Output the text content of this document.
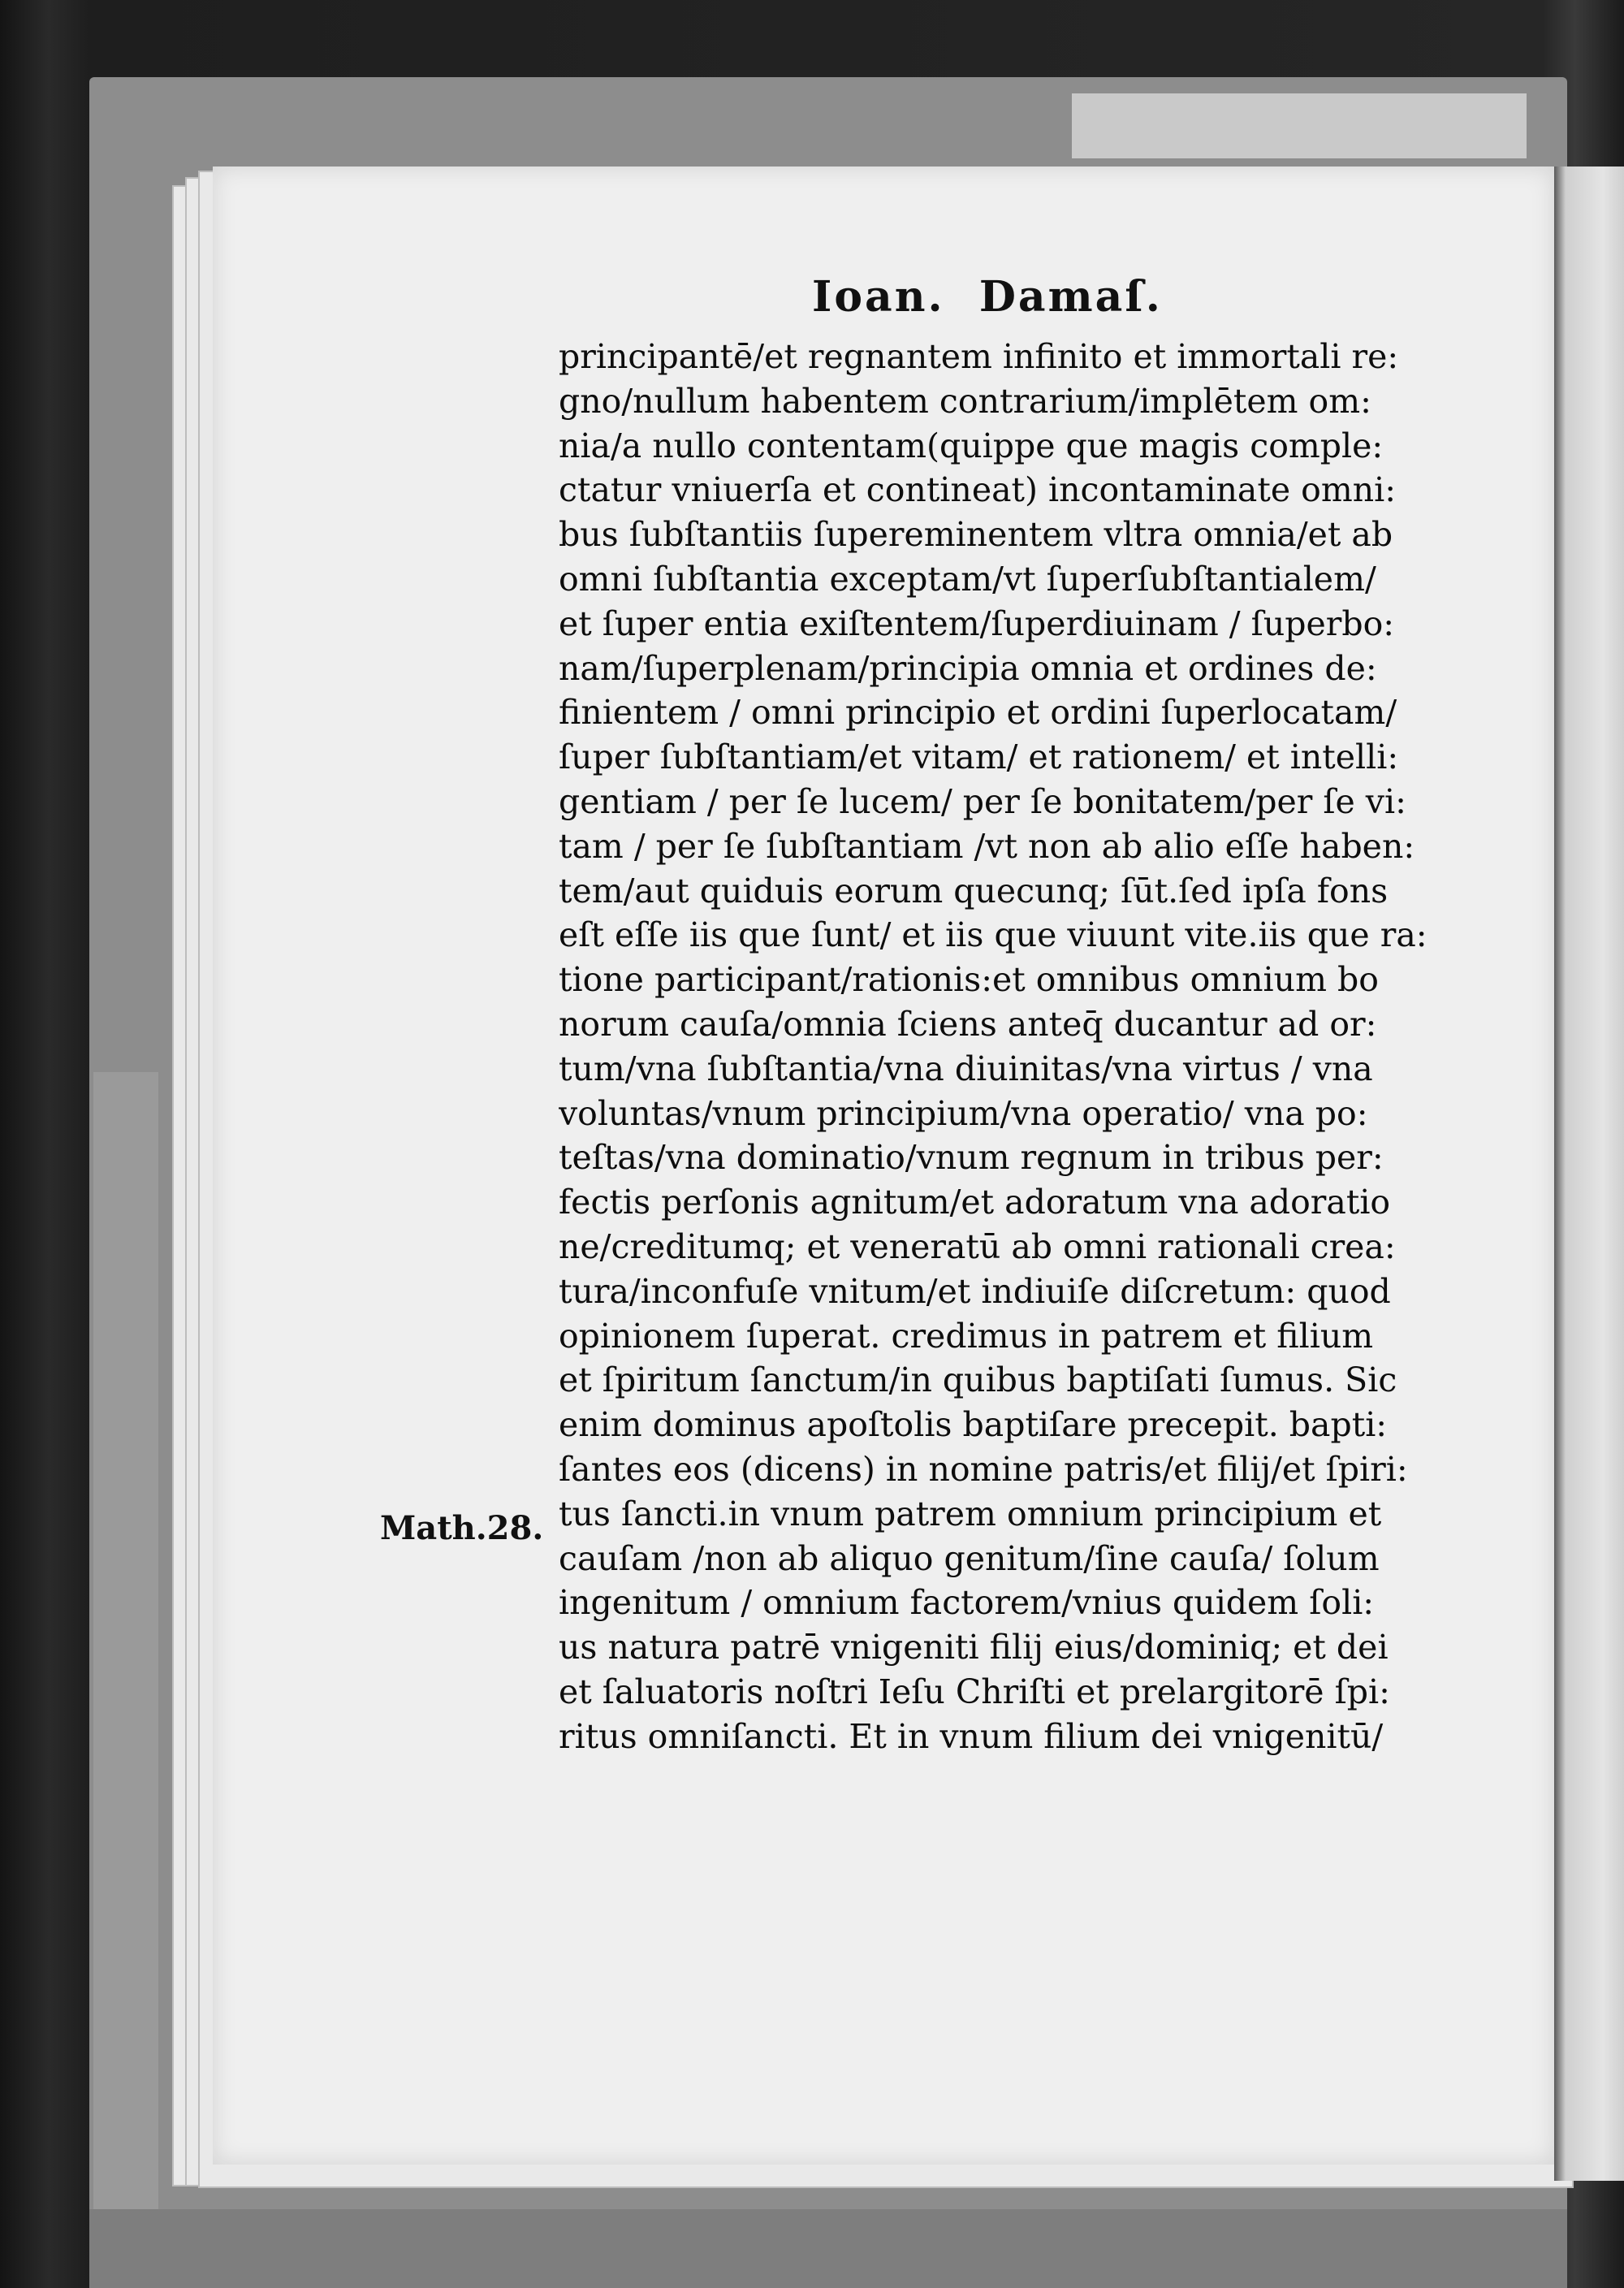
Ioan.  Damaſ.
Math.28.
principantē/et regnantem infinito et immortali re:
gno/nullum habentem contrarium/implētem om:
nia/a nullo contentam(quippe que magis comple:
ctatur vniuerſa et contineat) incontaminate omni:
bus ſubſtantiis ſupereminentem vltra omnia/et ab
omni ſubſtantia exceptam/vt ſuperſubſtantialem/
et ſuper entia exiſtentem/ſuperdiuinam / ſuperbo:
nam/ſuperplenam/principia omnia et ordines de:
finientem / omni principio et ordini ſuperlocatam/
ſuper ſubſtantiam/et vitam/ et rationem/ et intelli:
gentiam / per ſe lucem/ per ſe bonitatem/per ſe vi:
tam / per ſe ſubſtantiam /vt non ab alio eſſe haben:
tem/aut quiduis eorum quecunq; ſūt.ſed ipſa fons
eſt eſſe iis que ſunt/ et iis que viuunt vite.iis que ra:
tione participant/rationis:et omnibus omnium bo
norum cauſa/omnia ſciens anteq̄ ducantur ad or:
tum/vna ſubſtantia/vna diuinitas/vna virtus / vna
voluntas/vnum principium/vna operatio/ vna po:
teſtas/vna dominatio/vnum regnum in tribus per:
fectis perſonis agnitum/et adoratum vna adoratio
ne/creditumq; et veneratū ab omni rationali crea:
tura/inconfuſe vnitum/et indiuiſe diſcretum: quod
opinionem ſuperat. credimus in patrem et filium
et ſpiritum ſanctum/in quibus baptiſati ſumus. Sic
enim dominus apoſtolis baptiſare precepit. bapti:
ſantes eos (dicens) in nomine patris/et filij/et ſpiri:
tus ſancti.in vnum patrem omnium principium et
cauſam /non ab aliquo genitum/ſine cauſa/ ſolum
ingenitum / omnium factorem/vnius quidem ſoli:
us natura patrē vnigeniti filij eius/dominiq; et dei
et ſaluatoris noſtri Ieſu Chriſti et prelargitorē ſpi:
ritus omniſancti. Et in vnum filium dei vnigenitū/
